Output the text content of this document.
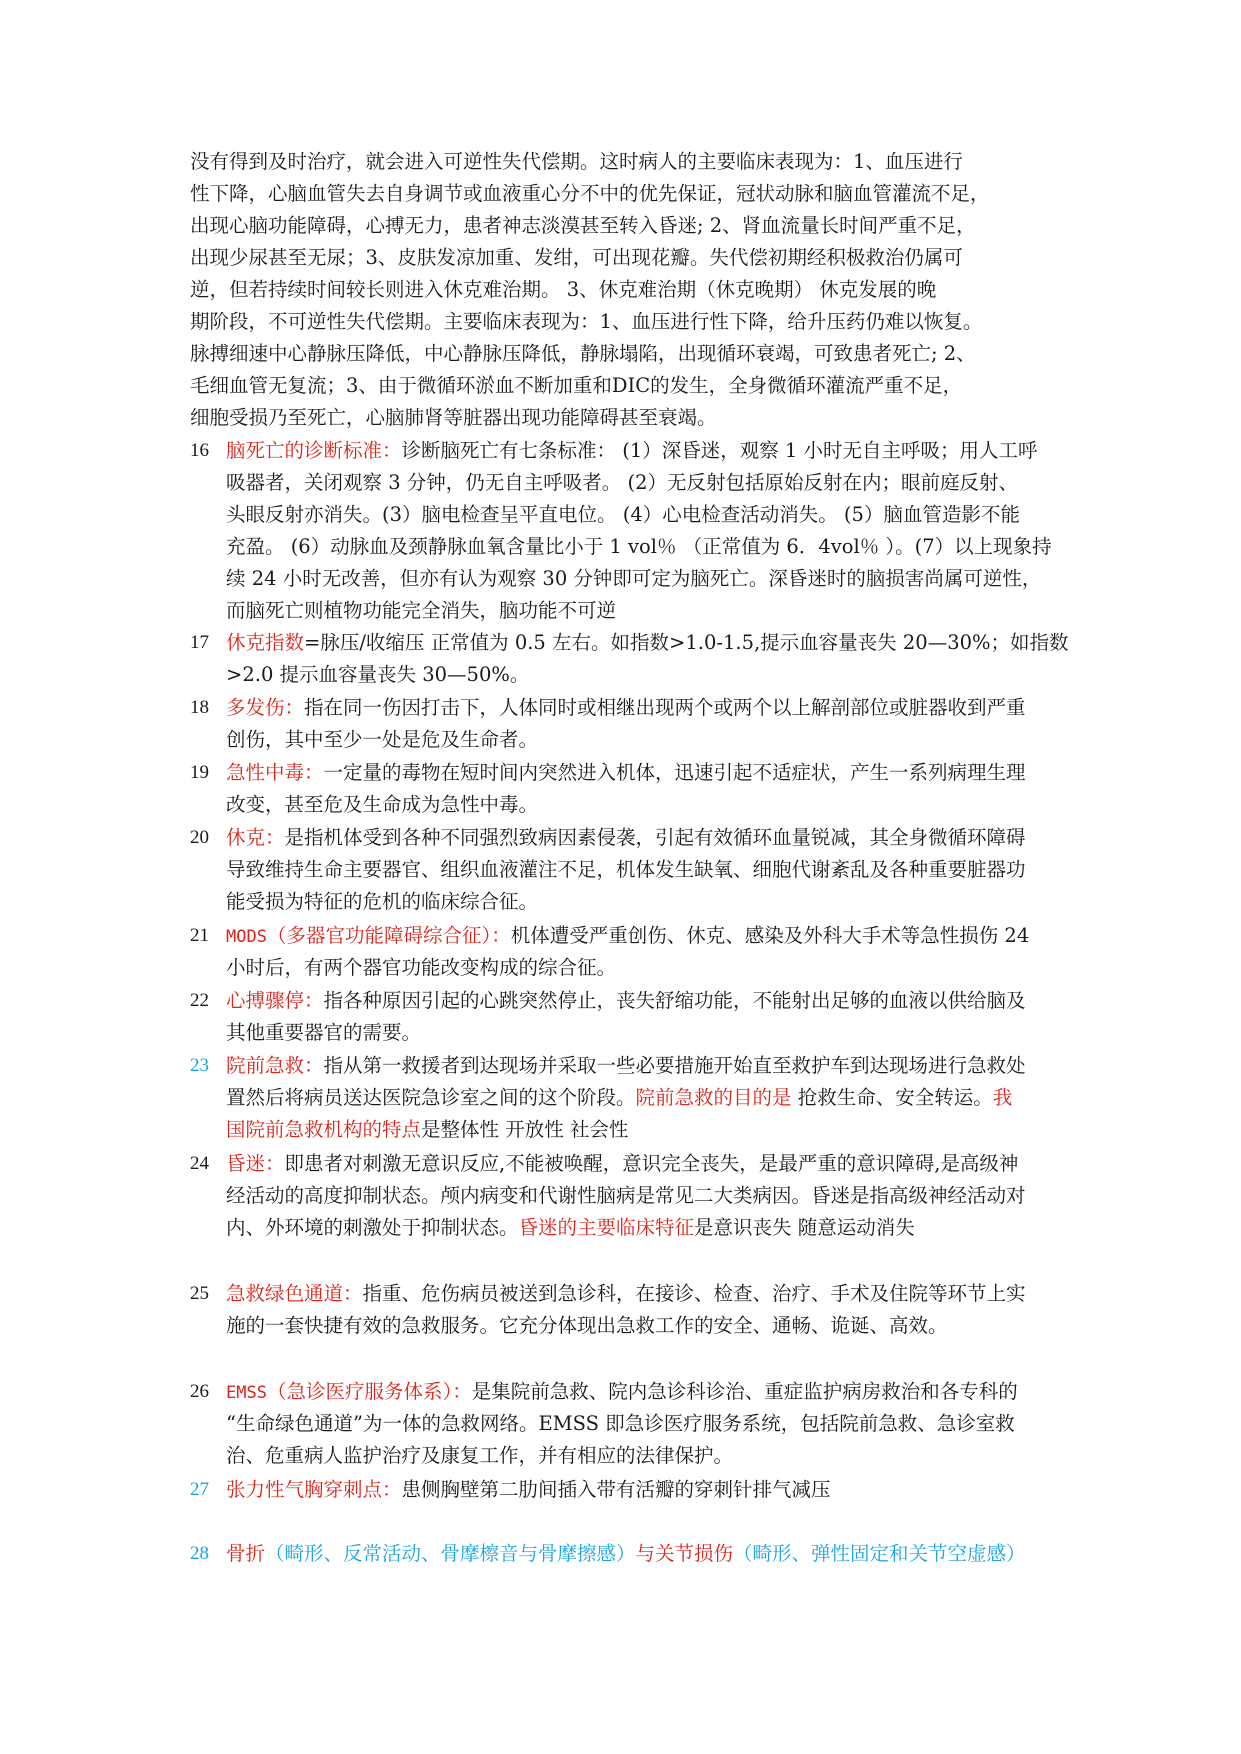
没有得到及时治疗，就会进入可逆性失代偿期。这时病人的主要临床表现为：1、血压进行
性下降，心脑血管失去自身调节或血液重心分不中的优先保证，冠状动脉和脑血管灌流不足，
出现心脑功能障碍，心搏无力，患者神志淡漠甚至转入昏迷; 2、肾血流量长时间严重不足，
出现少尿甚至无尿；3、皮肤发凉加重、发绀，可出现花瓣。失代偿初期经积极救治仍属可
逆，但若持续时间较长则进入休克难治期。 3、休克难治期（休克晚期） 休克发展的晚
期阶段，不可逆性失代偿期。主要临床表现为：1、血压进行性下降，给升压药仍难以恢复。
脉搏细速中心静脉压降低，中心静脉压降低，静脉塌陷，出现循环衰竭，可致患者死亡; 2、
毛细血管无复流；3、由于微循环淤血不断加重和DIC的发生，全身微循环灌流严重不足，
细胞受损乃至死亡，心脑肺肾等脏器出现功能障碍甚至衰竭。
16 脑死亡的诊断标准：诊断脑死亡有七条标准： (1）深昏迷，观察 1 小时无自主呼吸；用人工呼
吸器者，关闭观察 3 分钟，仍无自主呼吸者。 (2）无反射包括原始反射在内；眼前庭反射、
头眼反射亦消失。(3）脑电检查呈平直电位。 (4）心电检查活动消失。 (5）脑血管造影不能
充盈。 (6）动脉血及颈静脉血氧含量比小于 1 vol％ （正常值为 6．4vol％ ）。(7）以上现象持
续 24 小时无改善，但亦有认为观察 30 分钟即可定为脑死亡。深昏迷时的脑损害尚属可逆性，
而脑死亡则植物功能完全消失，脑功能不可逆
17 休克指数=脉压/收缩压 正常值为 0.5 左右。如指数>1.0-1.5,提示血容量丧失 20—30%；如指数
>2.0 提示血容量丧失 30—50%。
18 多发伤：指在同一伤因打击下，人体同时或相继出现两个或两个以上解剖部位或脏器收到严重
创伤，其中至少一处是危及生命者。
19 急性中毒：一定量的毒物在短时间内突然进入机体，迅速引起不适症状，产生一系列病理生理
改变，甚至危及生命成为急性中毒。
20 休克：是指机体受到各种不同强烈致病因素侵袭，引起有效循环血量锐减，其全身微循环障碍
导致维持生命主要器官、组织血液灌注不足，机体发生缺氧、细胞代谢紊乱及各种重要脏器功
能受损为特征的危机的临床综合征。
21	MODS（多器官功能障碍综合征）：机体遭受严重创伤、休克、感染及外科大手术等急性损伤 24
小时后，有两个器官功能改变构成的综合征。
22 心搏骤停：指各种原因引起的心跳突然停止，丧失舒缩功能，不能射出足够的血液以供给脑及
其他重要器官的需要。
23 院前急救：指从第一救援者到达现场并采取一些必要措施开始直至救护车到达现场进行急救处
置然后将病员送达医院急诊室之间的这个阶段。院前急救的目的是 抢救生命、安全转运。我
国院前急救机构的特点是整体性 开放性 社会性
24 昏迷：即患者对刺激无意识反应,不能被唤醒，意识完全丧失，是最严重的意识障碍,是高级神
经活动的高度抑制状态。颅内病变和代谢性脑病是常见二大类病因。昏迷是指高级神经活动对
内、外环境的刺激处于抑制状态。昏迷的主要临床特征是意识丧失 随意运动消失
25 急救绿色通道：指重、危伤病员被送到急诊科，在接诊、检查、治疗、手术及住院等环节上实
施的一套快捷有效的急救服务。它充分体现出急救工作的安全、通畅、诡诞、高效。
26	EMSS（急诊医疗服务体系）：是集院前急救、院内急诊科诊治、重症监护病房救治和各专科的
“生命绿色通道”为一体的急救网络。EMSS 即急诊医疗服务系统，包括院前急救、急诊室救
治、危重病人监护治疗及康复工作，并有相应的法律保护。
27 张力性气胸穿刺点：患侧胸壁第二肋间插入带有活瓣的穿刺针排气减压
28 骨折（畸形、反常活动、骨摩檫音与骨摩擦感）与关节损伤（畸形、弹性固定和关节空虚感）
